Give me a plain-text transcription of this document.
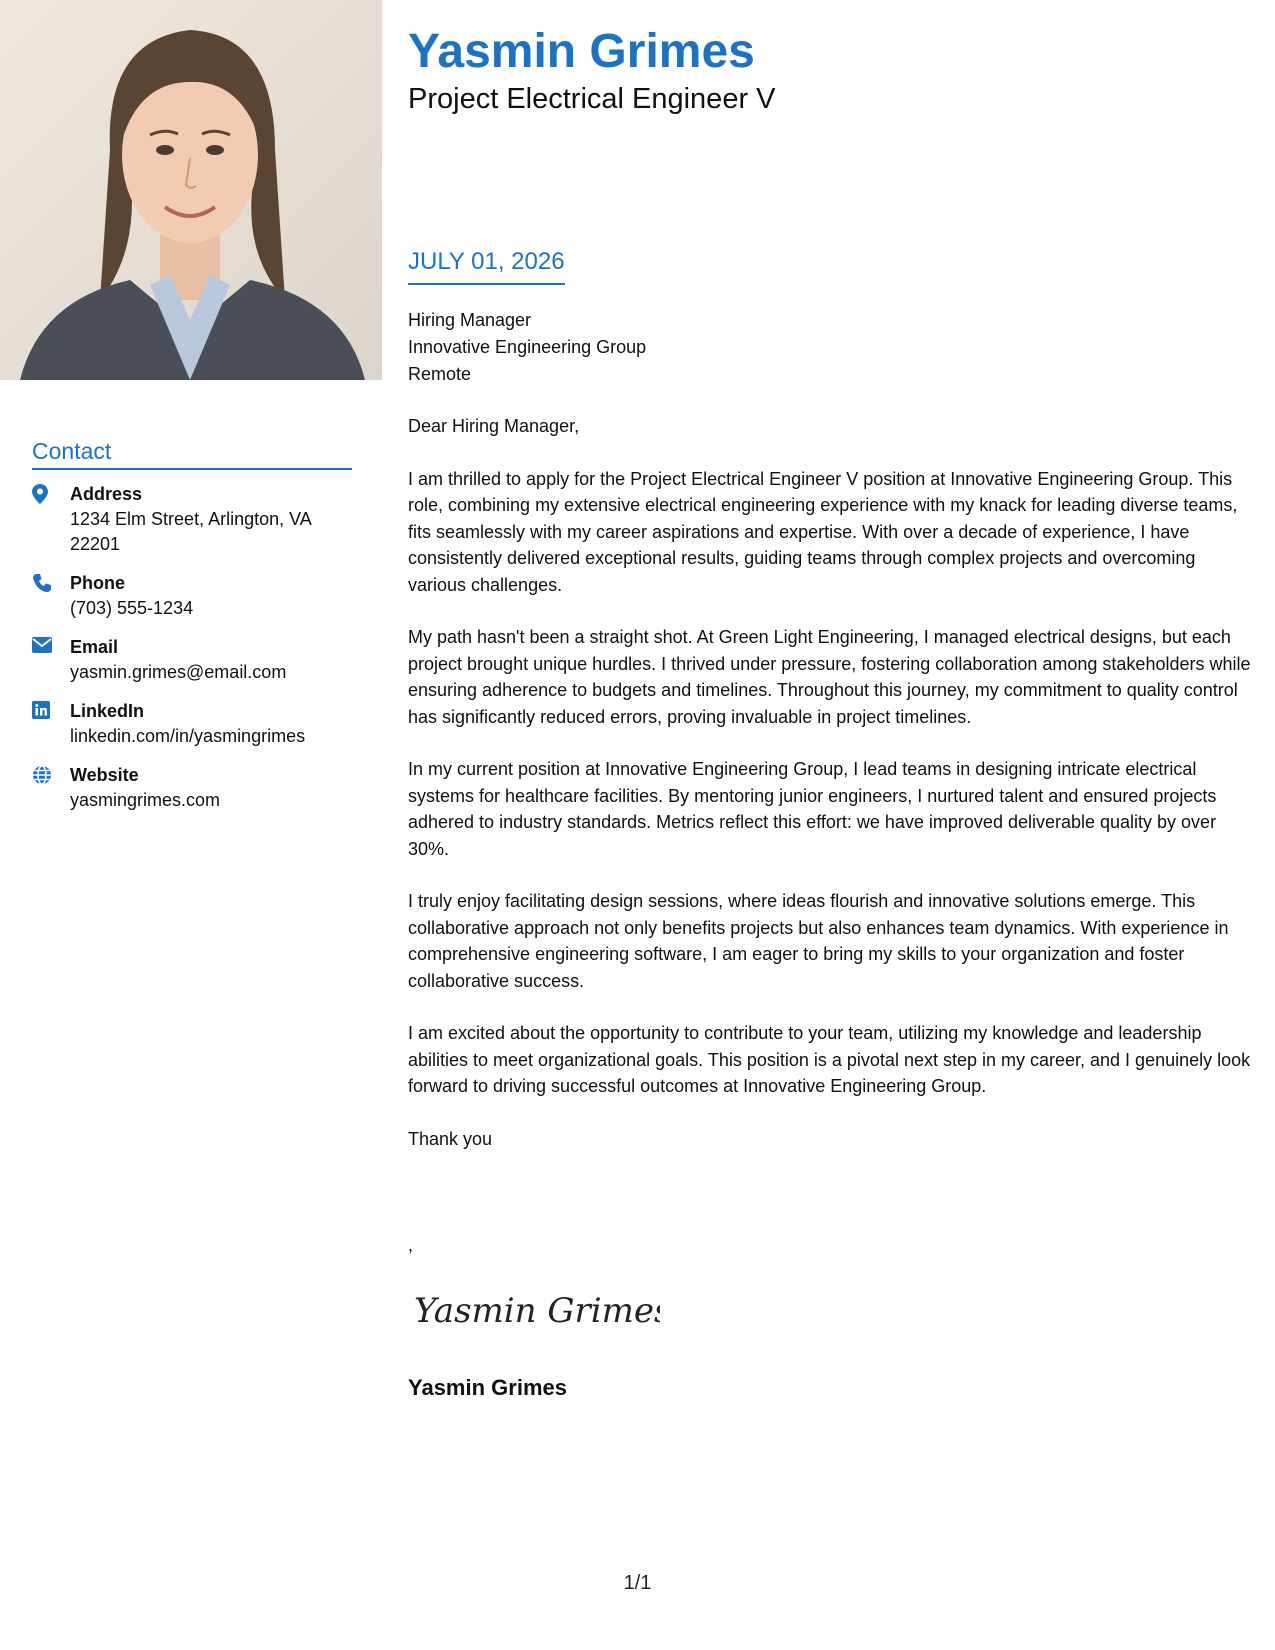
Contact
Address
1234 Elm Street, Arlington, VA 22201
Phone
(703) 555-1234
Email
yasmin.grimes@email.com
LinkedIn
linkedin.com/in/yasmingrimes
Website
yasmingrimes.com
Yasmin Grimes
Project Electrical Engineer V
JULY 01, 2026
Hiring Manager
Innovative Engineering Group
Remote

Dear Hiring Manager,

I am thrilled to apply for the Project Electrical Engineer V position at Innovative Engineering Group. This role, combining my extensive electrical engineering experience with my knack for leading diverse teams, fits seamlessly with my career aspirations and expertise. With over a decade of experience, I have consistently delivered exceptional results, guiding teams through complex projects and overcoming various challenges.

My path hasn't been a straight shot. At Green Light Engineering, I managed electrical designs, but each project brought unique hurdles. I thrived under pressure, fostering collaboration among stakeholders while ensuring adherence to budgets and timelines. Throughout this journey, my commitment to quality control has significantly reduced errors, proving invaluable in project timelines.

In my current position at Innovative Engineering Group, I lead teams in designing intricate electrical systems for healthcare facilities. By mentoring junior engineers, I nurtured talent and ensured projects adhered to industry standards. Metrics reflect this effort: we have improved deliverable quality by over 30%.

I truly enjoy facilitating design sessions, where ideas flourish and innovative solutions emerge. This collaborative approach not only benefits projects but also enhances team dynamics. With experience in comprehensive engineering software, I am eager to bring my skills to your organization and foster collaborative success.

I am excited about the opportunity to contribute to your team, utilizing my knowledge and leadership abilities to meet organizational goals. This position is a pivotal next step in my career, and I genuinely look forward to driving successful outcomes at Innovative Engineering Group.

Thank you

,
Yasmin Grimes
Yasmin Grimes
1/1
